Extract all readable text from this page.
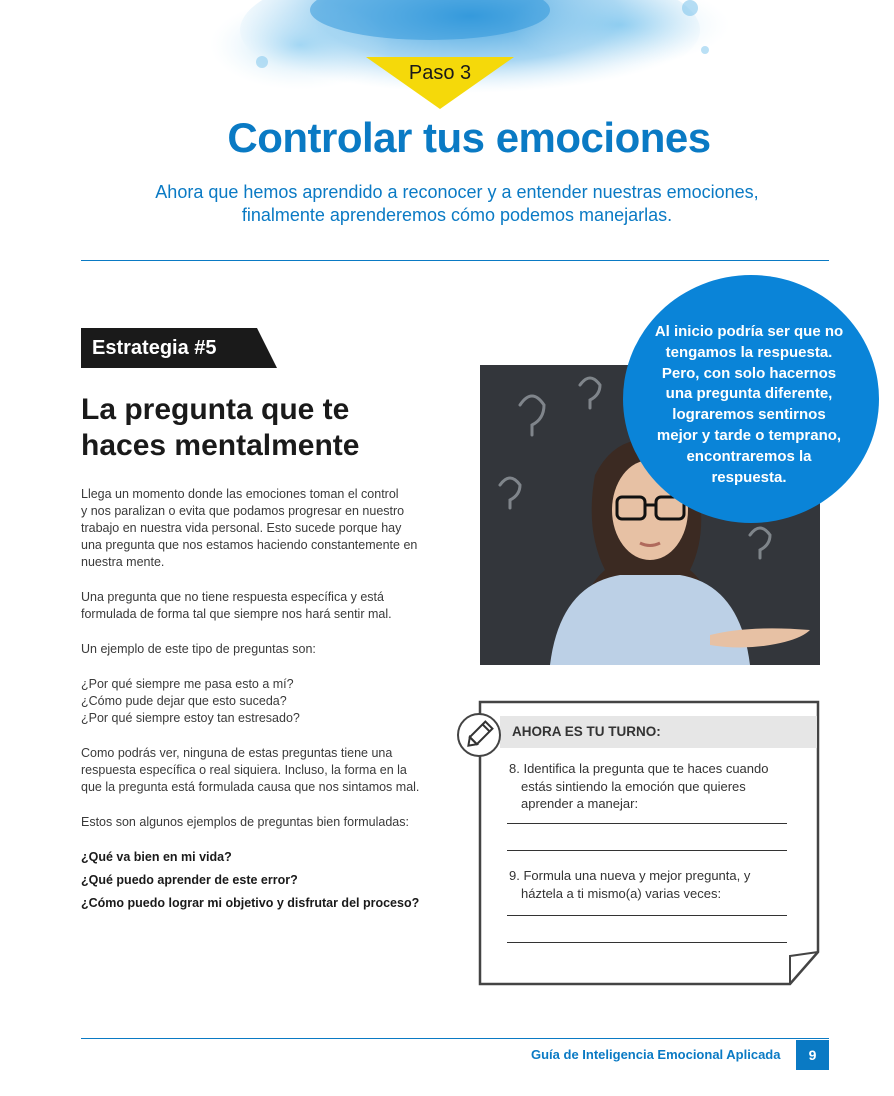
Paso 3
Controlar tus emociones
Ahora que hemos aprendido a reconocer y a entender nuestras emociones,
finalmente aprenderemos cómo podemos manejarlas.
Estrategia #5
La pregunta que te
haces mentalmente
Llega un momento donde las emociones toman el control
y nos paralizan o evita que podamos progresar en nuestro
trabajo en nuestra vida personal. Esto sucede porque hay
una pregunta que nos estamos haciendo constantemente en
nuestra mente.
Una pregunta que no tiene respuesta específica y está
formulada de forma tal que siempre nos hará sentir mal.
Un ejemplo de este tipo de preguntas son:
¿Por qué siempre me pasa esto a mí?
¿Cómo pude dejar que esto suceda?
¿Por qué siempre estoy tan estresado?
Como podrás ver, ninguna de estas preguntas tiene una
respuesta específica o real siquiera. Incluso, la forma en la
que la pregunta está formulada causa que nos sintamos mal.
Estos son algunos ejemplos de preguntas bien formuladas:
¿Qué va bien en mi vida?
¿Qué puedo aprender de este error?
¿Cómo puedo lograr mi objetivo y disfrutar del proceso?
Al inicio podría ser que no
tengamos la respuesta.
Pero, con solo hacernos
una pregunta diferente,
lograremos sentirnos
mejor y tarde o temprano,
encontraremos la
respuesta.
AHORA ES TU TURNO:
8. Identifica la pregunta que te haces cuando
estás sintiendo la emoción que quieres
aprender a manejar:
9. Formula una nueva y mejor pregunta, y
háztela a ti mismo(a) varias veces:
Guía de Inteligencia Emocional Aplicada	9
